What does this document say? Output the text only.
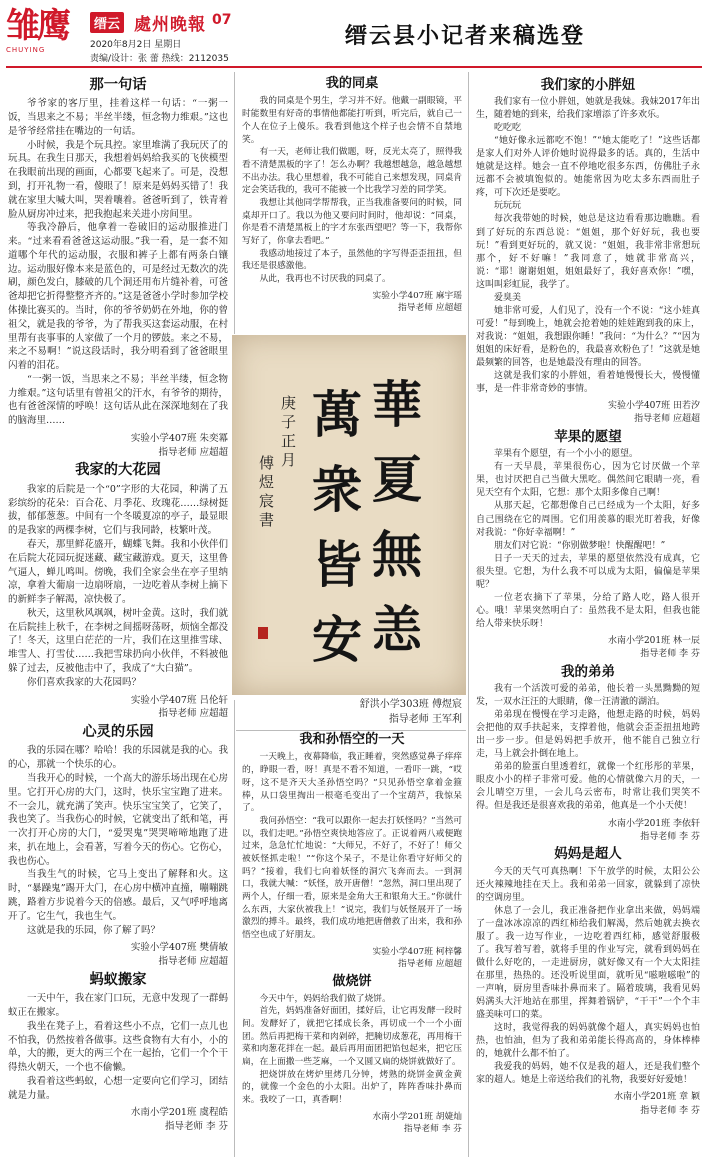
雏鹰
CHUYING
缙云 處州晚報 07
2020年8月2日 星期日
责编/设计：张 蕾 热线：2112035
缙云县小记者来稿选登
那一句话

爷爷家的客厅里，挂着这样一句话：“一粥一饭，当思来之不易；半丝半缕，恒念物力维艰。”这也是爷爷经常挂在嘴边的一句话。

小时候，我是个玩具控。家里堆满了我玩厌了的玩具。在我生日那天，我想着妈妈给我买的飞侠模型在我眼前出现的画面，心都要飞起来了。可是，没想到，打开礼物一看，傻眼了！原来是妈妈买错了！我就在家里大喊大叫，哭着嚷着。爸爸听到了，铁青着脸从厨房冲过来，把我抱起来关进小房间里。

等我冷静后，他拿着一卷破旧的运动服推进门来。“过来看看爸爸这运动服。”我一看，是一套不知道哪个年代的运动服，衣服和裤子上都有两条白镶边。运动服好像本来是蓝色的，可是经过无数次的洗刷，颜色发白，膝破的几个洞还用布片缝补着，可爸爸却把它折得整整齐齐的。”这是爸爸小学时参加学校体操比赛买的。当时，你的爷爷奶奶在外地，你的曾祖父，就是我的爷爷，为了帮我买这套运动服，在村里帮有丧事事的人家做了一个月的锣鼓。来之不易，来之不易啊！”说这段话时，我分明看到了爸爸眼里闪着的泪花。

“一粥一饭，当思来之不易；半丝半缕，恒念物力维艰。”这句话里有曾祖父的汗水，有爷爷的期待，也有爸爸深情的呼唤！这句话从此在深深地刻在了我的脑海里……

实验小学407班 朱奕冪
指导老师 应超超
我家的大花园

我家的后院是一个“0”字形的大花园，种满了五彩缤纷的花朵：百合花、月季花、玫瑰花……绿树挺拔，郁郁葱葱。中间有一个冬暖夏凉的亭子，最显眼的是我家的两棵李树，它们与我同龄，枝繁叶茂。

春天，那里鲜花盛开，蝴蝶飞舞。我和小伙伴们在后院大花园玩捉迷藏、藏宝藏游戏。夏天，这里鲁气逼人，蝉儿鸣叫。傍晚，我们全家会坐在亭子里纳凉，拿着大葡扇一边扇呀扇，一边吃着从李树上摘下的新鲜李子解渴，凉快极了。

秋天，这里秋风飒飒，树叶金黄。这时，我们就在后院挂上秋千，在李树之间摇呀荡呀，烦恼全都没了！冬天，这里白茫茫的一片，我们在这里推雪球、堆雪人、打雪仗……我把雪球扔向小伙伴，不料被他躲了过去，反被他击中了，我成了“大白猫”。

你们喜欢我家的大花园吗？

实验小学407班 吕伦轩
指导老师 应超超
心灵的乐园

我的乐园在哪？哈哈！我的乐园就是我的心。我的心，那就一个快乐的心。

当我开心的时候，一个高大的游乐场出现在心房里。它打开心房的大门，这时，快乐宝宝跑了进来。不一会儿，就充满了笑声。快乐宝宝笑了，它笑了，我也笑了。当我伤心的时候，它就变出了纸和笔，再一次打开心房的大门，“爱哭鬼”哭哭啼啼地跑了进来，扒在地上，会看著，写着今天的伤心。它伤心，我也伤心。

当我生气的时候，它马上变出了解释和火。这时，“暴躁鬼”踢开大门，在心房中横冲直撞，嘣嘣跳跳，路着方步说着今天的倍感。最后，又气呼呼地离开了。它生气，我也生气。

这就是我的乐园，你了解了吗？

实验小学407班 樊倩敏
指导老师 应超超
蚂蚁搬家

一天中午，我在家门口玩，无意中发现了一群蚂蚁正在搬家。

我坐在凳子上，看着这些小不点，它们一点儿也不怕我，仍然按着各做事。这些食物有大有小，小的单，大的搬，更大的两三个在一起抬，它们一个个干得热火朝天，一个也不偷懒。

我看着这些蚂蚁，心想一定要向它们学习，团结就是力量。

水南小学201班 虞程皓
指导老师 李 芬
我的同桌

我的同桌是个男生，学习并不好。他戴一副眼镜，平时能数里有好奇的事情他都能打听到，听完后，就自己一个人在位子上傻乐。我看到他这个样子也会情不自禁地笑。

有一天，老师让我们做题，呀，反光太亮了，照得我看不清楚黑板的字了！怎么办啊？我越想越急，越急越想不出办法。我心里想着，我不可能自己来想发现，同桌肯定会笑话我的，我可不能被一个比我学习差的同学笑。

我想让其他同学帮帮我，正当我准备要问的时候，同桌却开口了。我以为他又要问时间时，他却说：“同桌，你是看不清楚黑板上的字才东张西望吧？等一下，我帮你写好了，你拿去看吧。”

我感动地接过了本子，虽然他的字写得歪歪扭扭，但我还是很感激他。

从此，我再也不讨厌我的同桌了。

实验小学407班 麻宇瑶
指导老师 应超超
華
夏
無
恙
萬
衆
皆
安
庚子正月
傅煜宸書
舒洪小学303班 傅煜宸
指导老师 王军利
我和孙悟空的一天

一天晚上，夜幕降临，我正睡着，突然感觉鼻子痒痒的，睁眼一看，呀！真是不看不知道，一看吓一跳，“哎呀，这不是齐天大圣孙悟空吗？”只见孙悟空拿着金箍棒，从口袋里掏出一根毫毛变出了一个宝葫芦，我惊呆了。

我问孙悟空：“我可以跟你一起去打妖怪吗？”当然可以，我们走吧。”孙悟空爽快地答应了。正说着两八戒便跑过来，急急忙忙地说：“大师兄，不好了，不好了！师父被妖怪抓走啦！”“你这个呆子，不是让你看守好师父的吗？”接着，我们七向着妖怪的洞穴飞奔而去。一到洞口，我就大喊：“妖怪，放开唐僧！”忽然，洞口里出现了两个人，仔细一看，原来是金角大王和银角大王。”你就什么东西，大家伙被我上！”说完，我们与妖怪展开了一场激烈的搏斗。最终，我们成功地把唐僧救了出来，我和孙悟空也成了好朋友。

实验小学407班 柯梓馨
指导老师 应超超
做烧饼

今天中午，妈妈给我们做了烧饼。

首先，妈妈准备好面团，揉好后，让它再发酵一段时间。发酵好了，就把它揉成长条，再切成一个一个小面团。然后再把梅干菜和肉剁碎，把腌切成葱花，再用梅干菜和肉葱花拌在一起。最后再用面团把馅包起来，把它压扁，在上面撒一些芝麻，一个又圆又扁的烧饼就做好了。

把烧饼放在烤炉里烤几分钟，烤熟的烧饼金黄金黄的，就像一个金色的小太阳。出炉了，阵阵香味扑鼻而来。我咬了一口，真香啊！

水南小学201班 胡婕灿
指导老师 李 芬
我们家的小胖妞

我们家有一位小胖妞，她就是我妹。我妹2017年出生，随着她的到来，给我们家增添了许多欢乐。

吃吃吃

“她好像永远都吃不饱！”“她太能吃了！”这些话都是家人们对外人评价她时说得最多的话。真的，生活中她就是这样。她会一直不停地吃很多东西，仿佛肚子永远都不会被填饱似的。她能常因为吃太多东西而肚子疼，可下次还是要吃。

玩玩玩

每次我带她的时候，她总是这边看看那边瞧瞧。看到了好玩的东西总说：“姐姐，那个好好玩，我也要玩！”看到更好玩的，就又说：“姐姐，我非常非常想玩那个，好不好嘛！”我同意了，她就非常高兴，说：“耶！谢谢姐姐，姐姐最好了，我好喜欢你！”嘿，这叫叫彩虹屁，我学了。

爱臭美

她非常可爱，人们见了，没有一个不说：“这小娃真可爱！”每到晚上，她就会抢着她的娃娃跑到我的床上，对我说：“姐姐，我想跟你睡！”我问：“为什么？”“因为姐姐的床好看，是粉色的，我最喜欢粉色了！”这就是她最频繁的回答，也是她最没有理由的回答。

这就是我们家的小胖妞，看着她慢慢长大，慢慢懂事，是一件非常奇妙的事情。

实验小学407班 田若汐
指导老师 应超超
苹果的愿望

苹果有个愿望，有一个小小的愿望。

有一天早晨，苹果很伤心，因为它讨厌做一个苹果，也讨厌把自己当做大黑吃。偶然间它眼睛一亮，看见天空有个太阳，它想：那个太阳多像自己啊！

从那天起，它都想像自己已经成为一个太阳，好多自己围绕在它的周围。它们用羡慕的眼光盯着我，好像对我说：“你好幸福啊！”

朋友们对它说：“你别做梦啦！快醒醒吧！”

日子一天天的过去，苹果的愿望依然没有成真，它很失望。它想，为什么我不可以成为太阳，偏偏是苹果呢？

一位老农摘下了苹果，分给了路人吃，路人很开心。哦！苹果突然明白了：虽然我不是太阳，但我也能给人带来快乐呀！

水南小学201班 林一辰
指导老师 李 芬
我的弟弟

我有一个活泼可爱的弟弟，他长着一头黑黝黝的短发，一双水汪汪的大眼睛，像一汪清澈的湖泊。

弟弟现在慢慢在学习走路，他想走路的时候，妈妈会把他的双手扶起来，支撑着他，他就会歪歪扭扭地跨出一步一步。但是妈妈把手放开，他不能自己独立行走，马上就会扑倒在地上。

弟弟的脸蛋白里透着红，就像一个红彤彤的苹果，眼皮小小的样子非常可爱。他的心情就像六月的天，一会儿晴空万里，一会儿乌云密布，时常让我们哭笑不得。但是我还是很喜欢我的弟弟，他真是一个小天使！

水南小学201班 李依轩
指导老师 李 芬
妈妈是超人

今天的天气可真热啊！下午放学的时候，太阳公公还火辣辣地挂在天上。我和弟弟一回家，就躲到了凉快的空调房里。

休息了一会儿，我正准备把作业拿出来做，妈妈端了一盘冰冰凉凉的西红柿给我们解渴，然后她就去换衣服了。我一边写作业，一边吃着西红柿，感觉舒服极了。我写着写着，就将手里的作业写完，就看到妈妈在做什么好吃的，一走进厨房，就好像又有一个大太阳挂在那里，热热的。还没听说里面，就听见“嗞啦嗞啦”的一声响，厨房里香味扑鼻而来了。隔着玻璃，我看见妈妈满头大汗地站在那里，挥舞着锅铲，“干干”一个个丰盛美味可口的菜。

这时，我觉得我的妈妈就像个超人，真实妈妈也怕热，也怕油，但为了我和弟弟能长得高高的，身体棒棒的，她就什么都不怕了。

我爱我的妈妈，她不仅是我的超人，还是我们整个家的超人。她是上帝送给我们的礼物，我要好好爱她！

水南小学201班 章 颖
指导老师 李 芬
